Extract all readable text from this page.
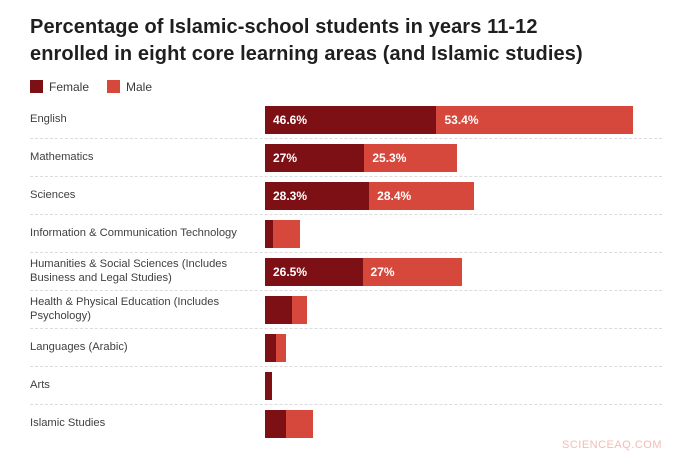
Percentage of Islamic-school students in years 11-12
enrolled in eight core learning areas (and Islamic studies)
Female	Male
English	46.6%	53.4%
Mathematics	27%	25.3%
Sciences	28.3%	28.4%
Information & Communication Technology
Humanities & Social Sciences (Includes Business and Legal Studies)	26.5%	27%
Health & Physical Education (Includes Psychology)
Languages (Arabic)
Arts
Islamic Studies
SCIENCEAQ.COM
